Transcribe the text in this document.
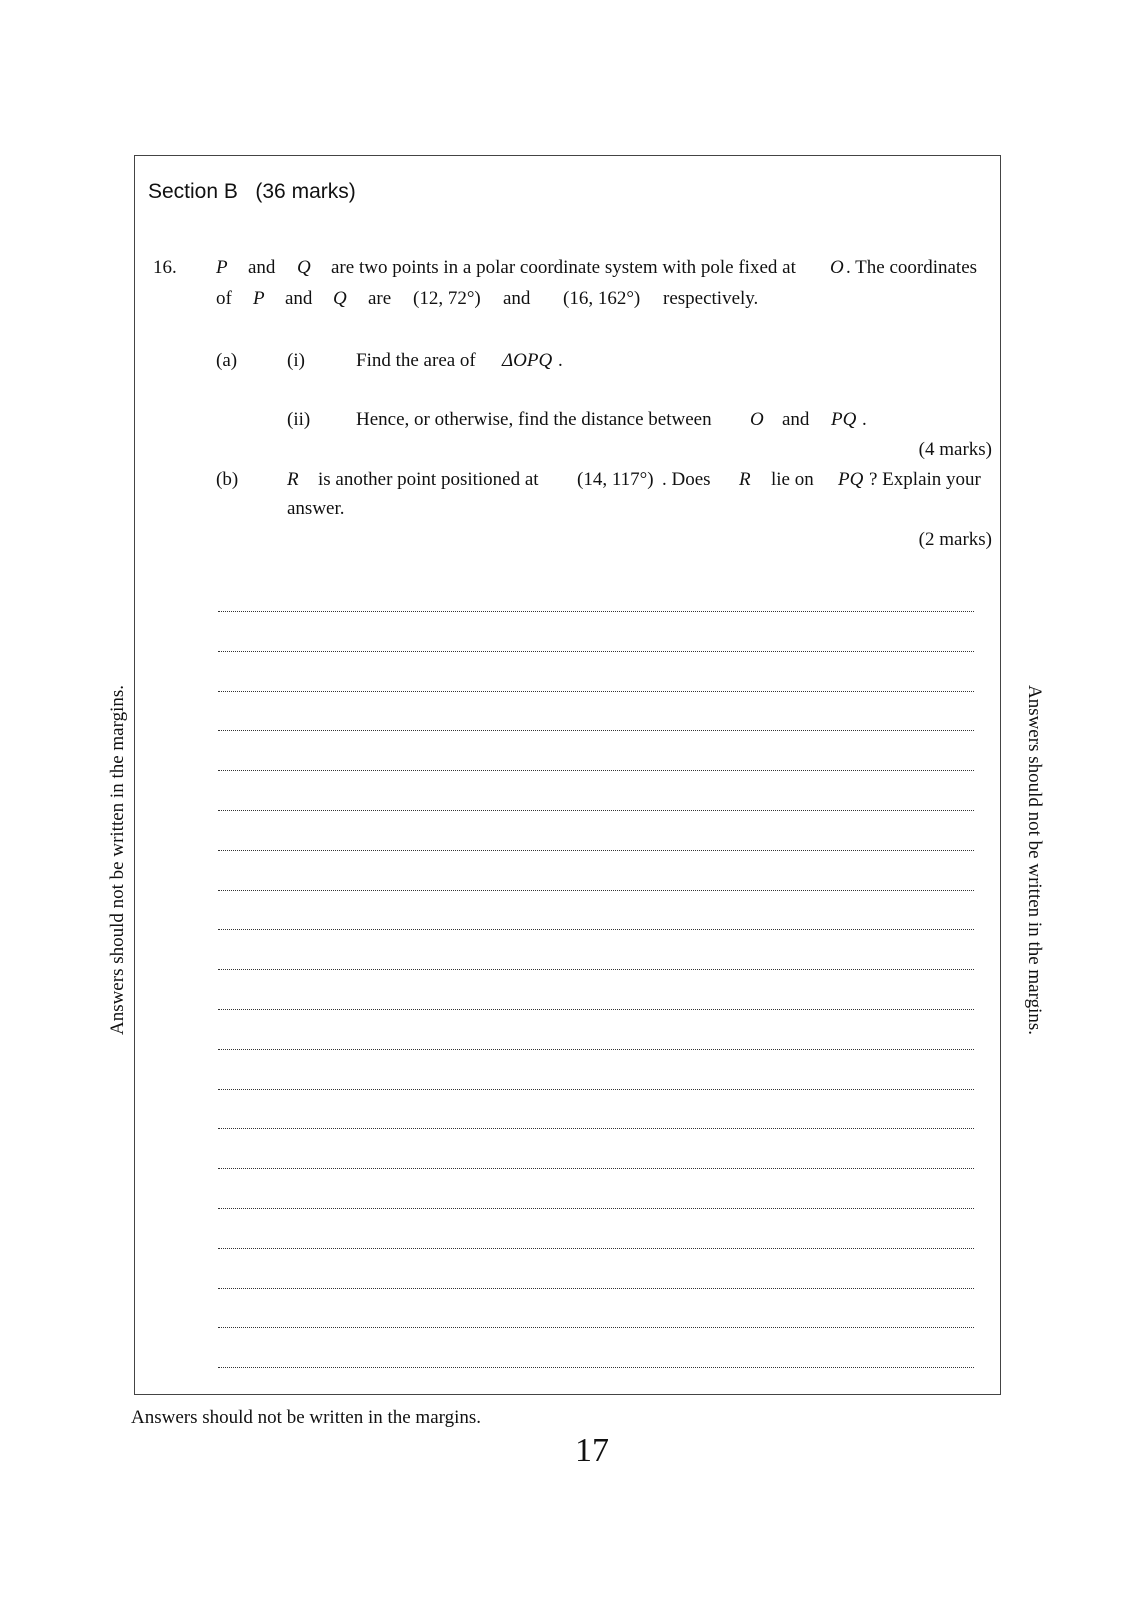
Section B   (36 marks)
16. P and Q are two points in a polar coordinate system with pole fixed at O . The coordinates
of P and Q are (12, 72°) and (16, 162°) respectively.
(a)	(i)	Find the area of ΔOPQ .
(ii) Hence, or otherwise, find the distance between O and PQ .
(4 marks)
(b)	R is another point positioned at (14, 117°) . Does R lie on PQ ? Explain your
answer.
(2 marks)
Answers should not be written in the margins.	Answers should not be written in the margins.
Answers should not be written in the margins.
17
